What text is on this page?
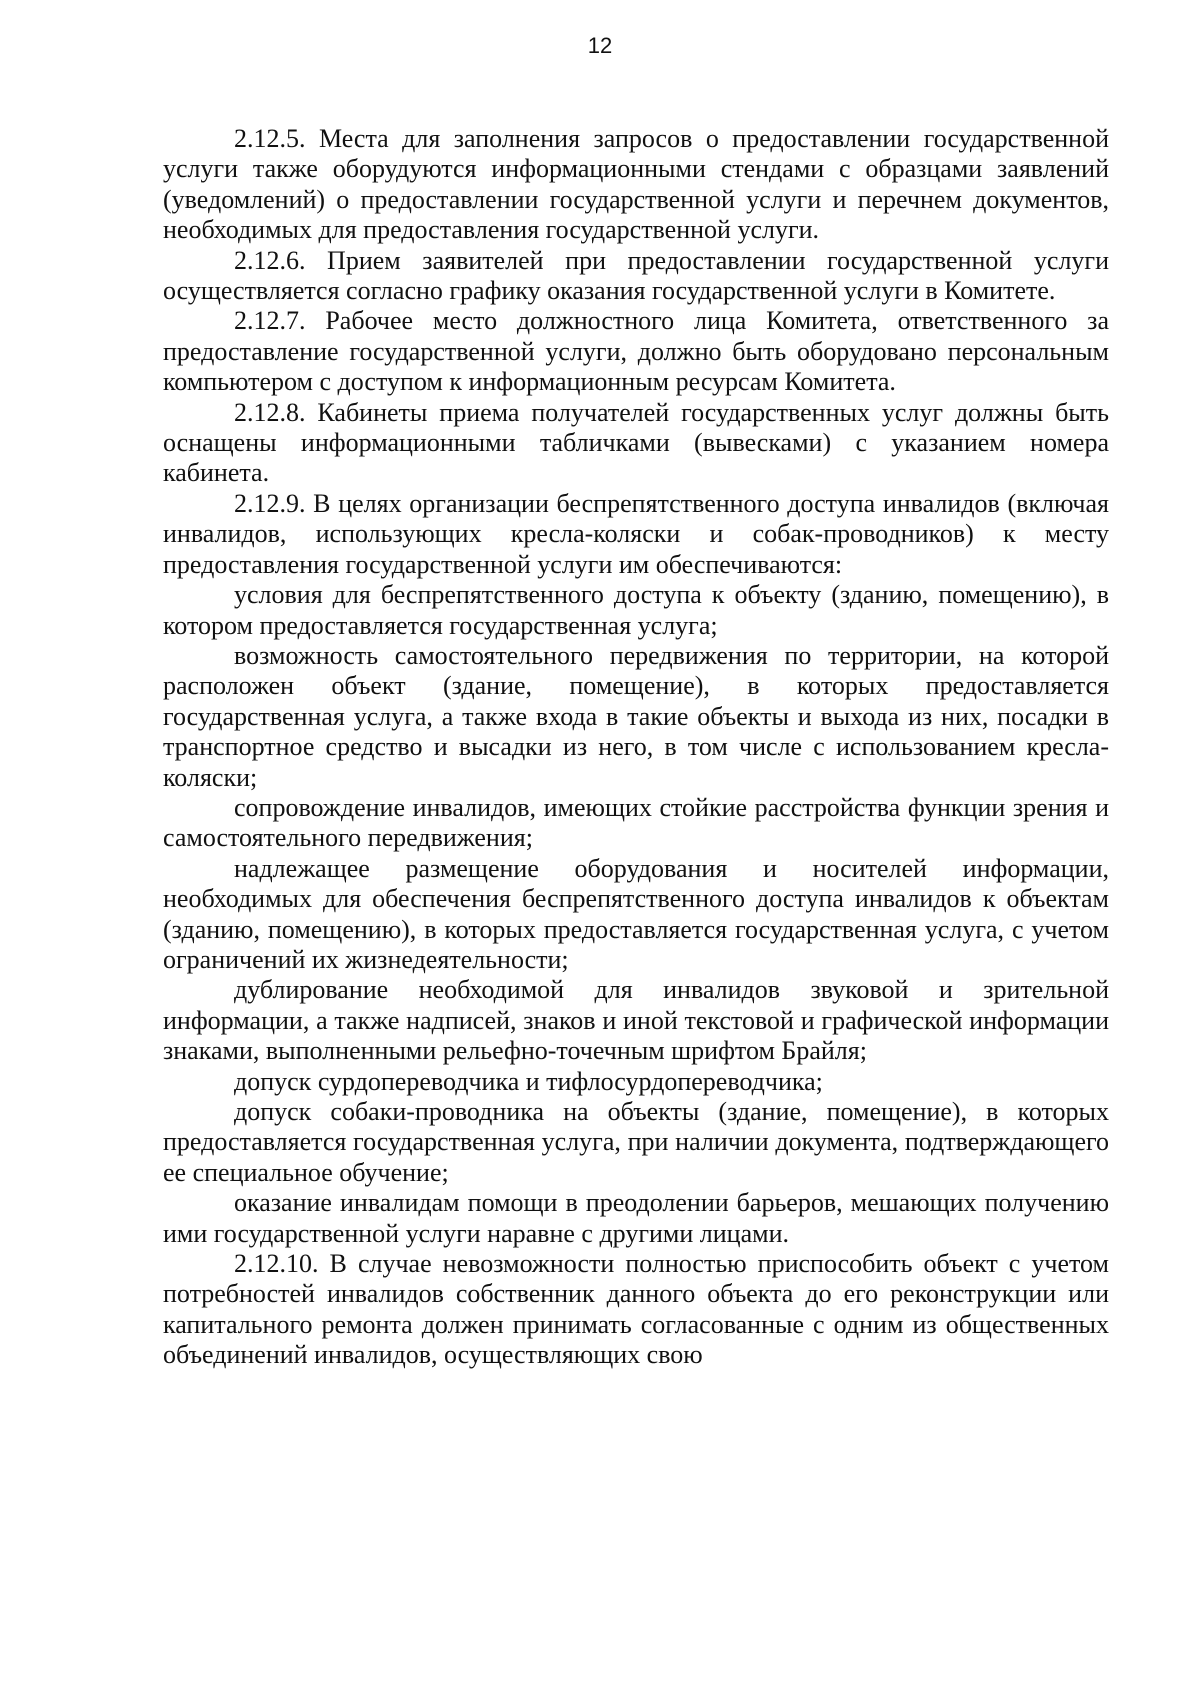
12

2.12.5. Места для заполнения запросов о предоставлении государственной услуги также оборудуются информационными стендами с образцами заявлений (уведомлений) о предоставлении государственной услуги и перечнем документов, необходимых для предоставления государственной услуги.

2.12.6. Прием заявителей при предоставлении государственной услуги осуществляется согласно графику оказания государственной услуги в Комитете.

2.12.7. Рабочее место должностного лица Комитета, ответственного за предоставление государственной услуги, должно быть оборудовано персональным компьютером с доступом к информационным ресурсам Комитета.

2.12.8. Кабинеты приема получателей государственных услуг должны быть оснащены информационными табличками (вывесками) с указанием номера кабинета.

2.12.9. В целях организации беспрепятственного доступа инвалидов (включая инвалидов, использующих кресла-коляски и собак-проводников) к месту предоставления государственной услуги им обеспечиваются:

условия для беспрепятственного доступа к объекту (зданию, помещению), в котором предоставляется государственная услуга;

возможность самостоятельного передвижения по территории, на которой расположен объект (здание, помещение), в которых предоставляется государственная услуга, а также входа в такие объекты и выхода из них, посадки в транспортное средство и высадки из него, в том числе с использованием кресла-коляски;

сопровождение инвалидов, имеющих стойкие расстройства функции зрения и самостоятельного передвижения;

надлежащее размещение оборудования и носителей информации, необходимых для обеспечения беспрепятственного доступа инвалидов к объектам (зданию, помещению), в которых предоставляется государственная услуга, с учетом ограничений их жизнедеятельности;

дублирование необходимой для инвалидов звуковой и зрительной информации, а также надписей, знаков и иной текстовой и графической информации знаками, выполненными рельефно-точечным шрифтом Брайля;

допуск сурдопереводчика и тифлосурдопереводчика;

допуск собаки-проводника на объекты (здание, помещение), в которых предоставляется государственная услуга, при наличии документа, подтверждающего ее специальное обучение;

оказание инвалидам помощи в преодолении барьеров, мешающих получению ими государственной услуги наравне с другими лицами.

2.12.10. В случае невозможности полностью приспособить объект с учетом потребностей инвалидов собственник данного объекта до его реконструкции или капитального ремонта должен принимать согласованные с одним из общественных объединений инвалидов, осуществляющих свою
